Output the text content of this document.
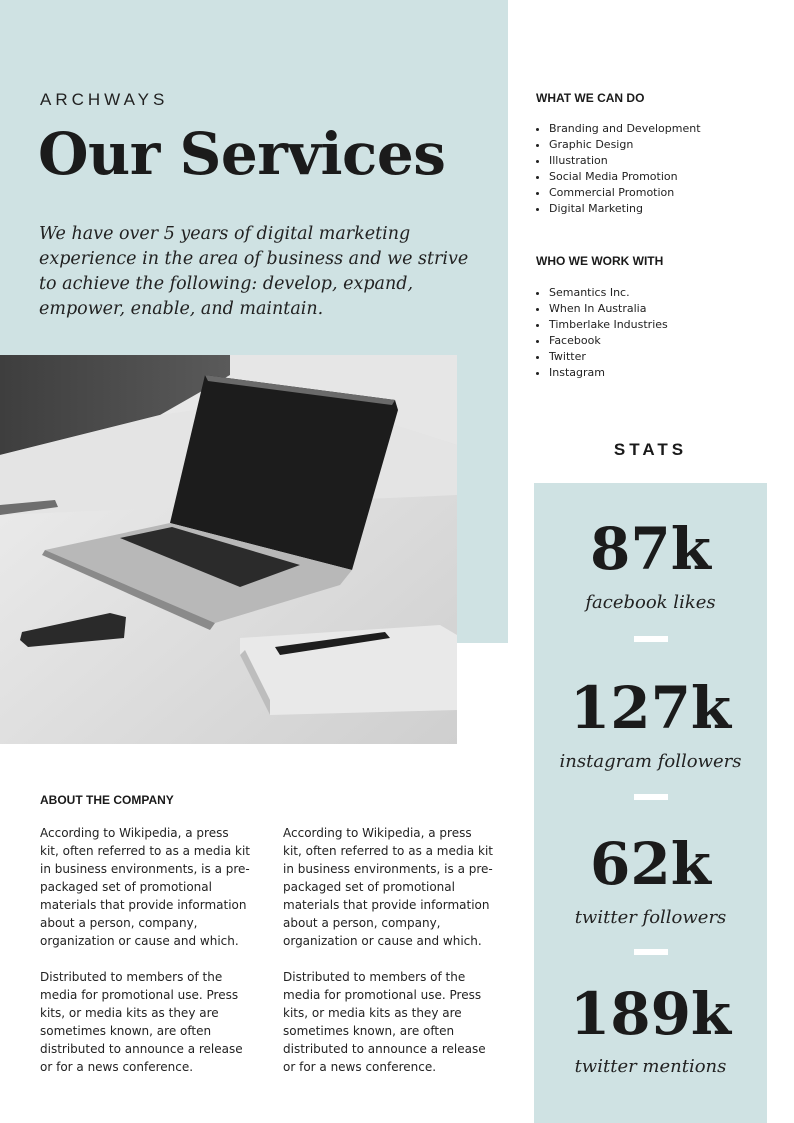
ARCHWAYS
Our Services

We have over 5 years of digital marketing experience in the area of business and we strive to achieve the following: develop, expand, empower, enable, and maintain.

WHAT WE CAN DO
• Branding and Development
• Graphic Design
• Illustration
• Social Media Promotion
• Commercial Promotion
• Digital Marketing
WHO WE WORK WITH
• Semantics Inc.
• When In Australia
• Timberlake Industries
• Facebook
• Twitter
• Instagram
STATS
87k
facebook likes
127k
instagram followers
62k
twitter followers
189k
twitter mentions
ABOUT THE COMPANY

According to Wikipedia, a press kit, often referred to as a media kit in business environments, is a pre-packaged set of promotional materials that provide information about a person, company, organization or cause and which.

Distributed to members of the media for promotional use. Press kits, or media kits as they are sometimes known, are often distributed to announce a release or for a news conference.

According to Wikipedia, a press kit, often referred to as a media kit in business environments, is a pre-packaged set of promotional materials that provide information about a person, company, organization or cause and which.

Distributed to members of the media for promotional use. Press kits, or media kits as they are sometimes known, are often distributed to announce a release or for a news conference.
